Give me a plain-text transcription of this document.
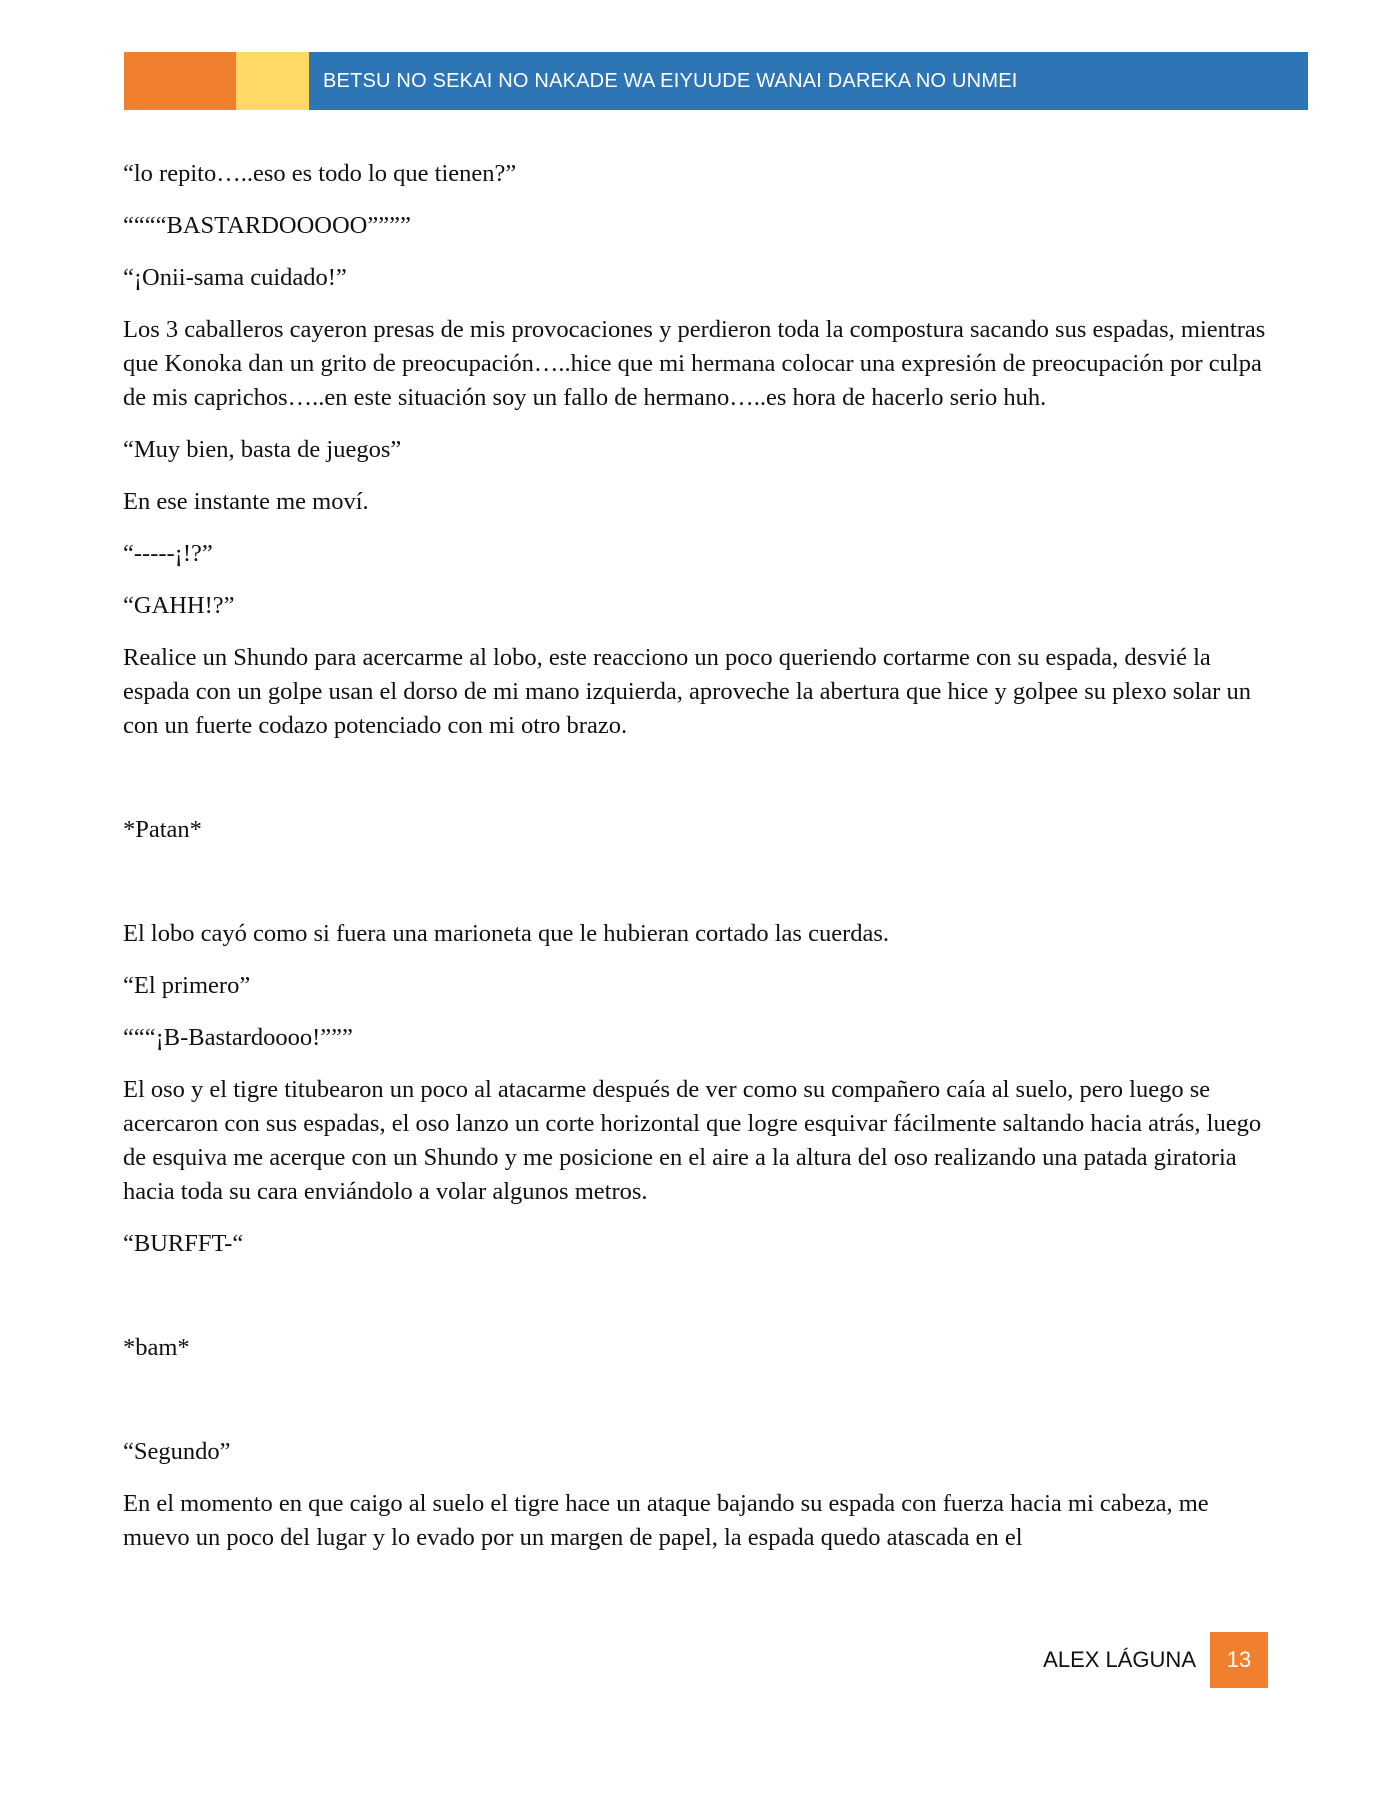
BETSU NO SEKAI NO NAKADE WA EIYUUDE WANAI DAREKA NO UNMEI

“lo repito…..eso es todo lo que tienen?”

““““BASTARDOOOOO””””

“¡Onii-sama cuidado!”

Los 3 caballeros cayeron presas de mis provocaciones y perdieron toda la compostura sacando sus espadas, mientras que Konoka dan un grito de preocupación…..hice que mi hermana colocar una expresión de preocupación por culpa de mis caprichos…..en este situación soy un fallo de hermano…..es hora de hacerlo serio huh.

“Muy bien, basta de juegos”

En ese instante me moví.

“-----¡!?”

“GAHH!?”

Realice un Shundo para acercarme al lobo, este reacciono un poco queriendo cortarme con su espada, desvié la espada con un golpe usan el dorso de mi mano izquierda, aproveche la abertura que hice y golpee su plexo solar un con un fuerte codazo potenciado con mi otro brazo.

*Patan*

El lobo cayó como si fuera una marioneta que le hubieran cortado las cuerdas.

“El primero”

“““¡B-Bastardoooo!”””

El oso y el tigre titubearon un poco al atacarme después de ver como su compañero caía al suelo, pero luego se acercaron con sus espadas, el oso lanzo un corte horizontal que logre esquivar fácilmente saltando hacia atrás, luego de esquiva me acerque con un Shundo y me posicione en el aire a la altura del oso realizando una patada giratoria hacia toda su cara enviándolo a volar algunos metros.

“BURFFT-“

*bam*

“Segundo”

En el momento en que caigo al suelo el tigre hace un ataque bajando su espada con fuerza hacia mi cabeza, me muevo un poco del lugar y lo evado por un margen de papel, la espada quedo atascada en el

ALEX LÁGUNA 13
